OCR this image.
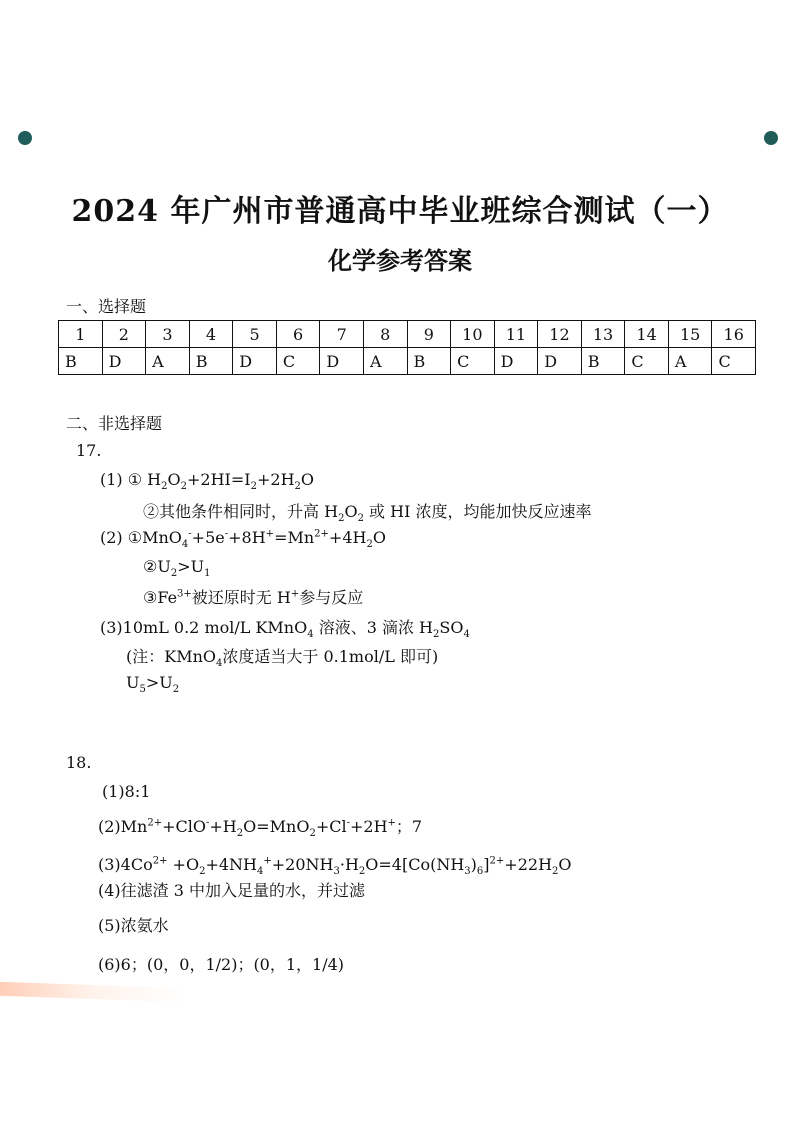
2024 年广州市普通高中毕业班综合测试（一）
化学参考答案
一、选择题
1	2	3	4	5	6	7	8	9	10	11	12	13	14	15	16
B	D	A	B	D	C	D	A	B	C	D	D	B	C	A	C
二、非选择题
17.
(1) ① $H_2O_2+2HI=I_2+2H_2O$
②其他条件相同时，升高 $H_2O_2$ 或 HI 浓度，均能加快反应速率
(2) $①MnO_4^-+5e^-+8H^+=Mn^{2+}+4H_2O$
$②U_2>U_1$
$③Fe^{3+}$被还原时无 H+参与反应
(3)10mL 0.2 mol/L KMnO$_4$ 溶液、3 滴浓 $H_2SO_4$
(注：KMnO$_4$浓度适当大于 0.1mol/L 即可)
$U_5>U_2$
18.
(1)8:1
$(2)Mn^{2+}+ClO^-+H_2O=MnO_2+Cl^-+2H^+$；7
$(3)4Co^{2+} +O_2+4NH_4^++20NH_3\cdot H_2O=4[Co(NH_3)_6]^{2+}+22H_2O$
(4)往滤渣 3 中加入足量的水，并过滤
(5)浓氨水
(6)6；(0，0，1/2)；(0，1，1/4)
